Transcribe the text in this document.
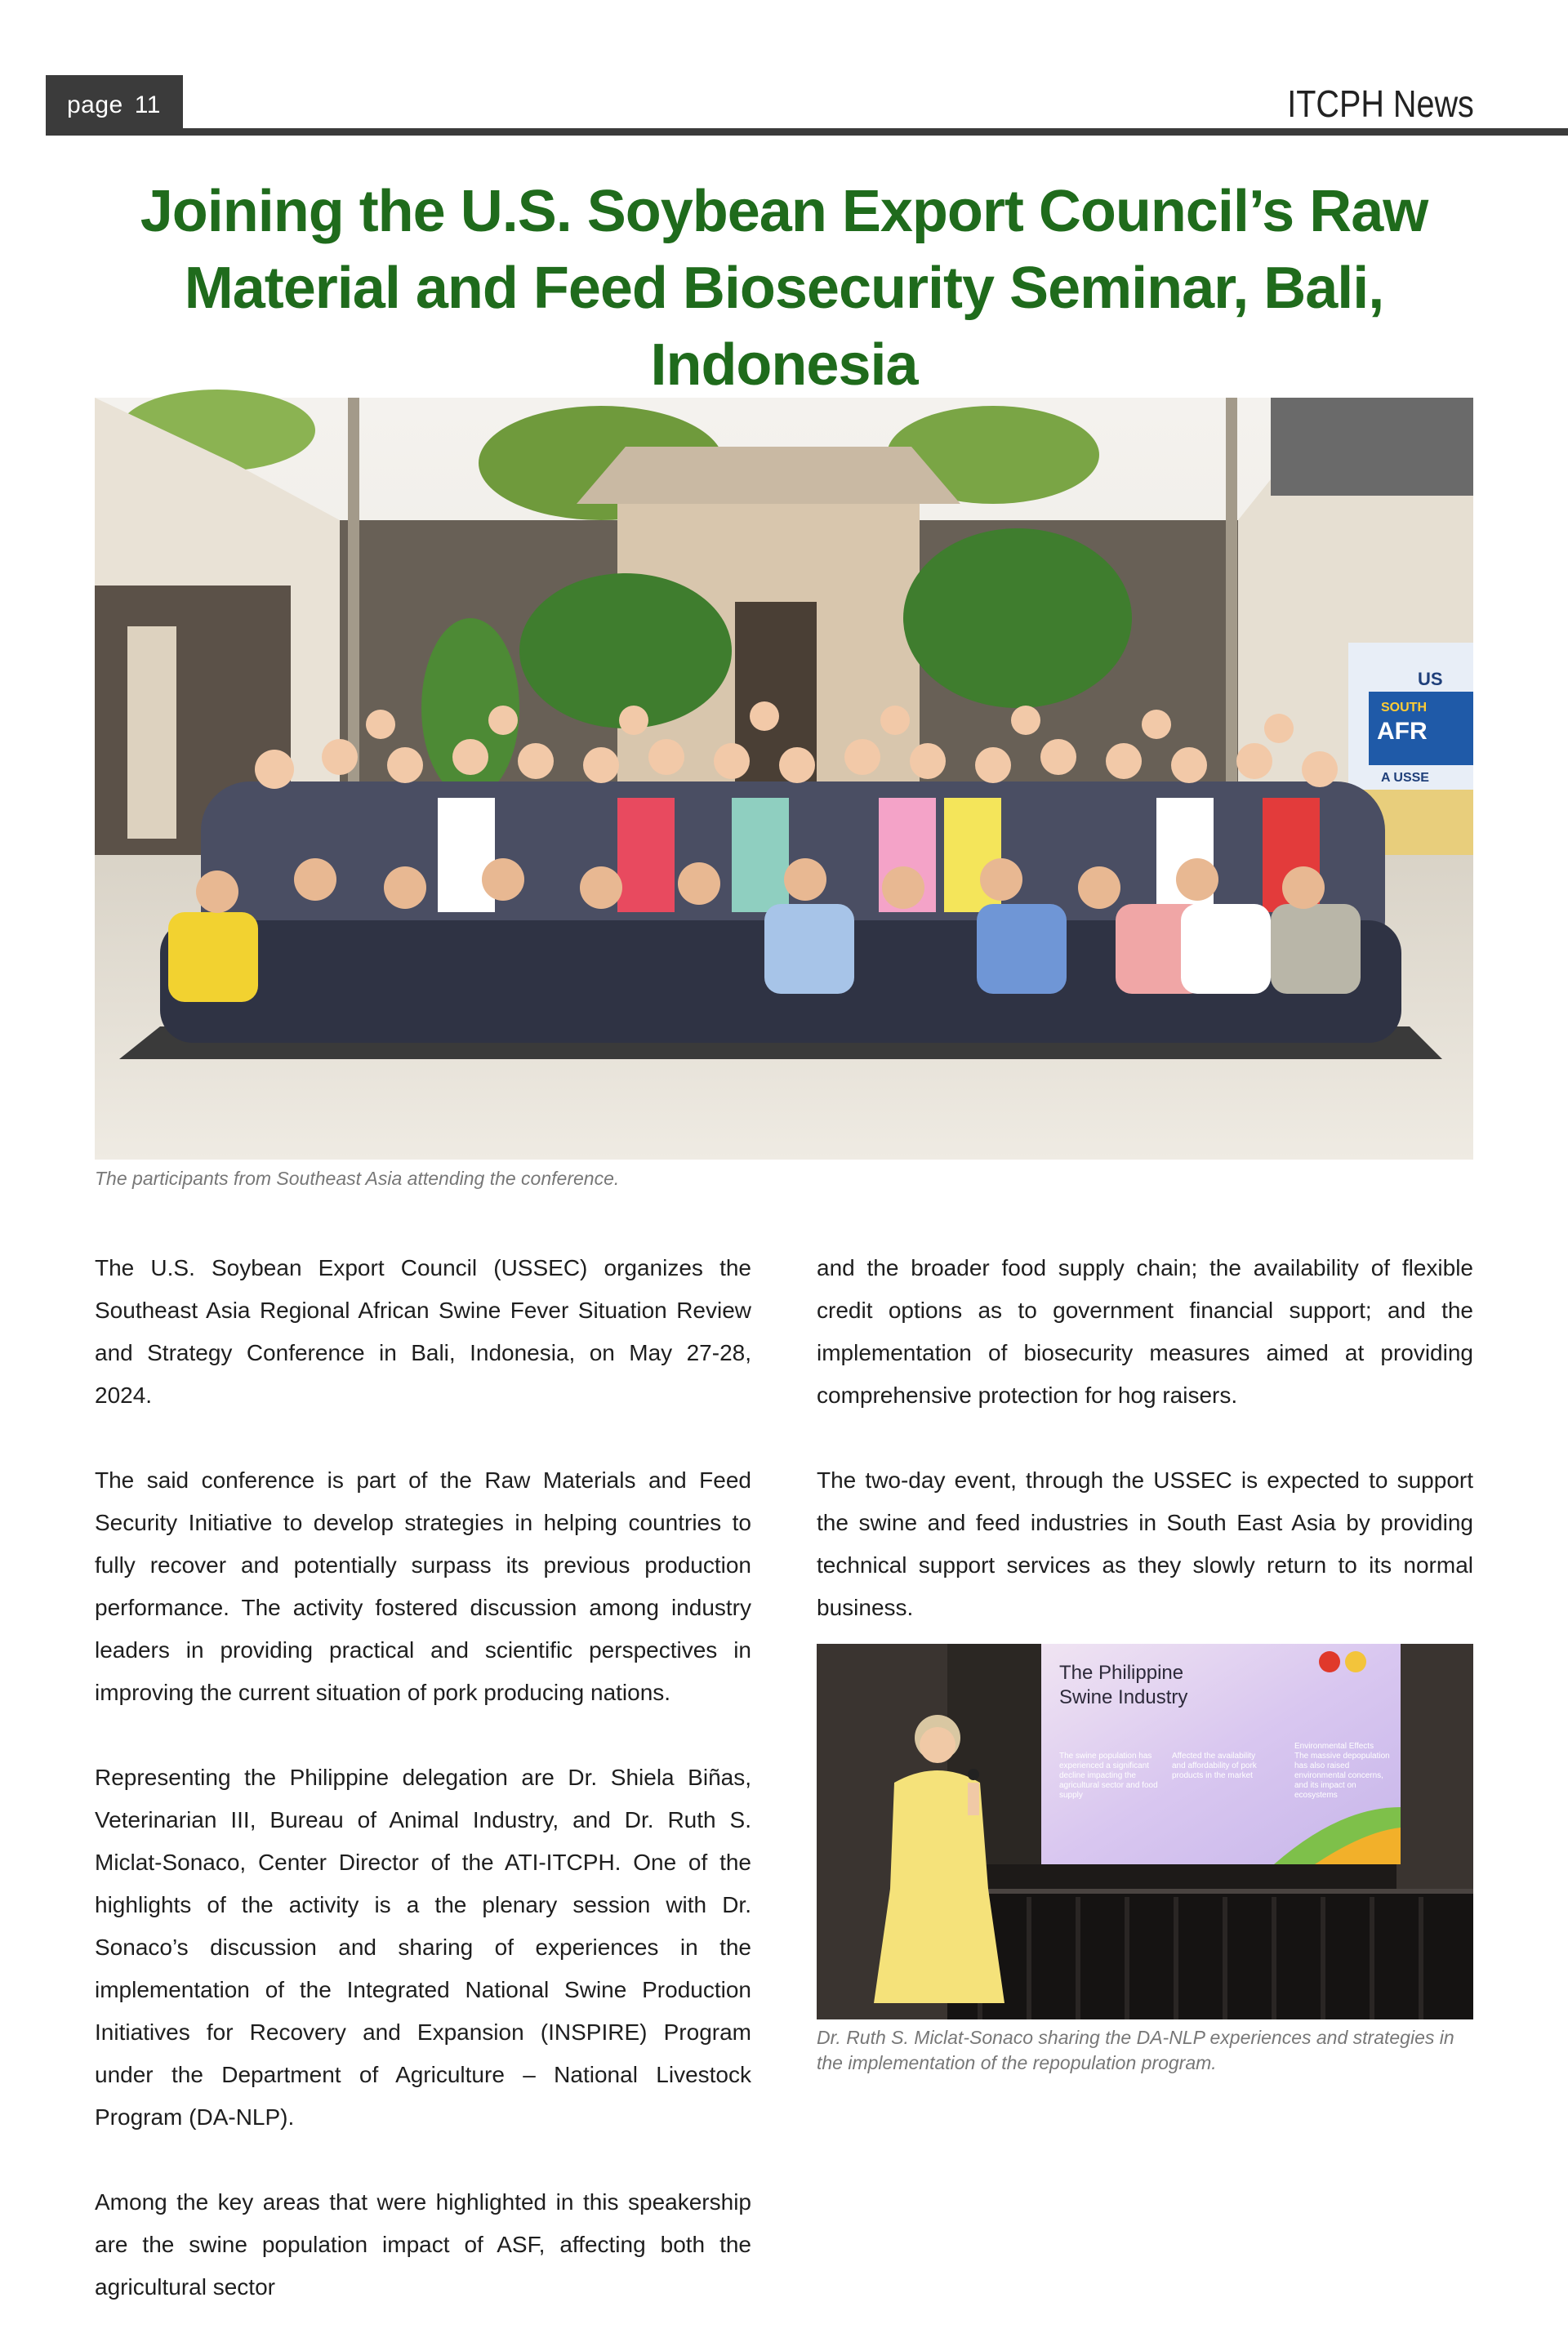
page 11	ITCPH News
Joining the U.S. Soybean Export Council’s Raw Material and Feed Biosecurity Seminar, Bali, Indonesia
US
SOUTH
AFR
A USSE
The participants from Southeast Asia attending the conference.

The U.S. Soybean Export Council (USSEC) organizes the Southeast Asia Regional African Swine Fever Situation Review and Strategy Conference in Bali, Indonesia, on May 27-28, 2024.

The said conference is part of the Raw Materials and Feed Security Initiative to develop strategies in helping countries to fully recover and potentially surpass its previous production performance. The activity fostered discussion among industry leaders in providing practical and scientific perspectives in improving the current situation of pork producing nations.

Representing the Philippine delegation are Dr. Shiela Biñas, Veterinarian III, Bureau of Animal Industry, and Dr. Ruth S. Miclat-Sonaco, Center Director of the ATI-ITCPH. One of the highlights of the activity is a the plenary session with Dr. Sonaco’s discussion and sharing of experiences in the implementation of the Integrated National Swine Production Initiatives for Recovery and Expansion (INSPIRE) Program under the Department of Agriculture – National Livestock Program (DA-NLP).

Among the key areas that were highlighted in this speakership are the swine population impact of ASF, affecting both the agricultural sector

and the broader food supply chain; the availability of flexible credit options as to government financial support; and the implementation of biosecurity measures aimed at providing comprehensive protection for hog raisers.

The two-day event, through the USSEC is expected to support the swine and feed industries in South East Asia by providing technical support services as they slowly return to its normal business.

The Philippine
Swine Industry
The swine population has experienced a significant decline impacting the agricultural sector and food supply
Affected the availability and affordability of pork products in the market
Environmental Effects
The massive depopulation has also raised environmental concerns, and its impact on ecosystems
Dr. Ruth S. Miclat-Sonaco sharing the DA-NLP experiences and strategies in the implementation of the repopulation program.
